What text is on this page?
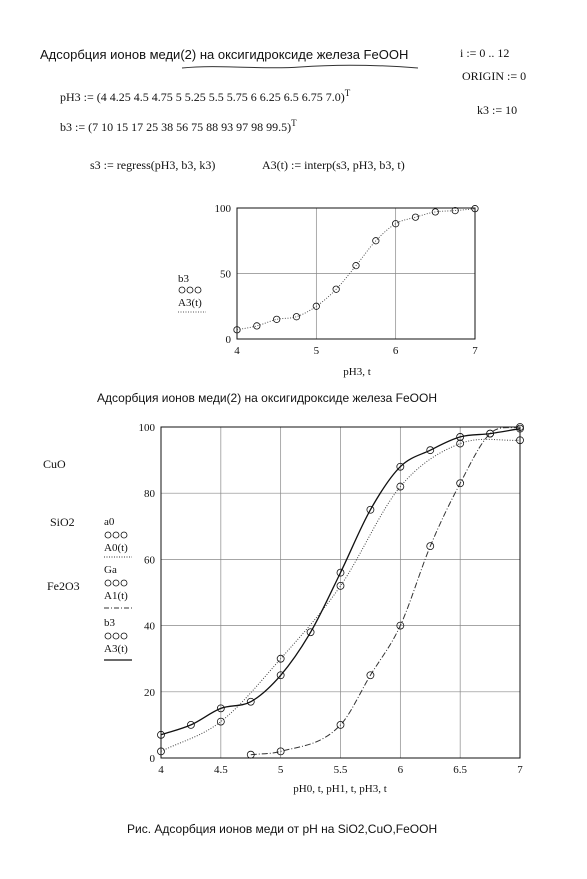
Адсорбция ионов меди(2) на оксигидроксиде железа FeOOH	i := 0 .. 12
ORIGIN := 0
k3 := 10
pH3 := (4 4.25 4.5 4.75 5 5.25 5.5 5.75 6 6.25 6.5 6.75 7.0)$^T$
b3 := (7 10 15 17 25 38 56 75 88 93 97 98 99.5)$^T$
s3 := regress(pH3, b3, k3)	A3(t) := interp(s3, pH3, b3, t)
0
50
100
4	5	6	7
pH3, t
b3
A3(t)
Адсорбция ионов меди(2) на оксигидроксиде железа FeOOH
0
20
40
60
80
100
4	4.5	5	5.5	6	6.5	7
pH0, t, pH1, t, pH3, t
CuO
SiO2
Fe2O3
a0
A0(t)
Ga
A1(t)
b3
A3(t)
Рис. Адсорбция ионов меди от pH на SiO2,CuO,FeOOH
